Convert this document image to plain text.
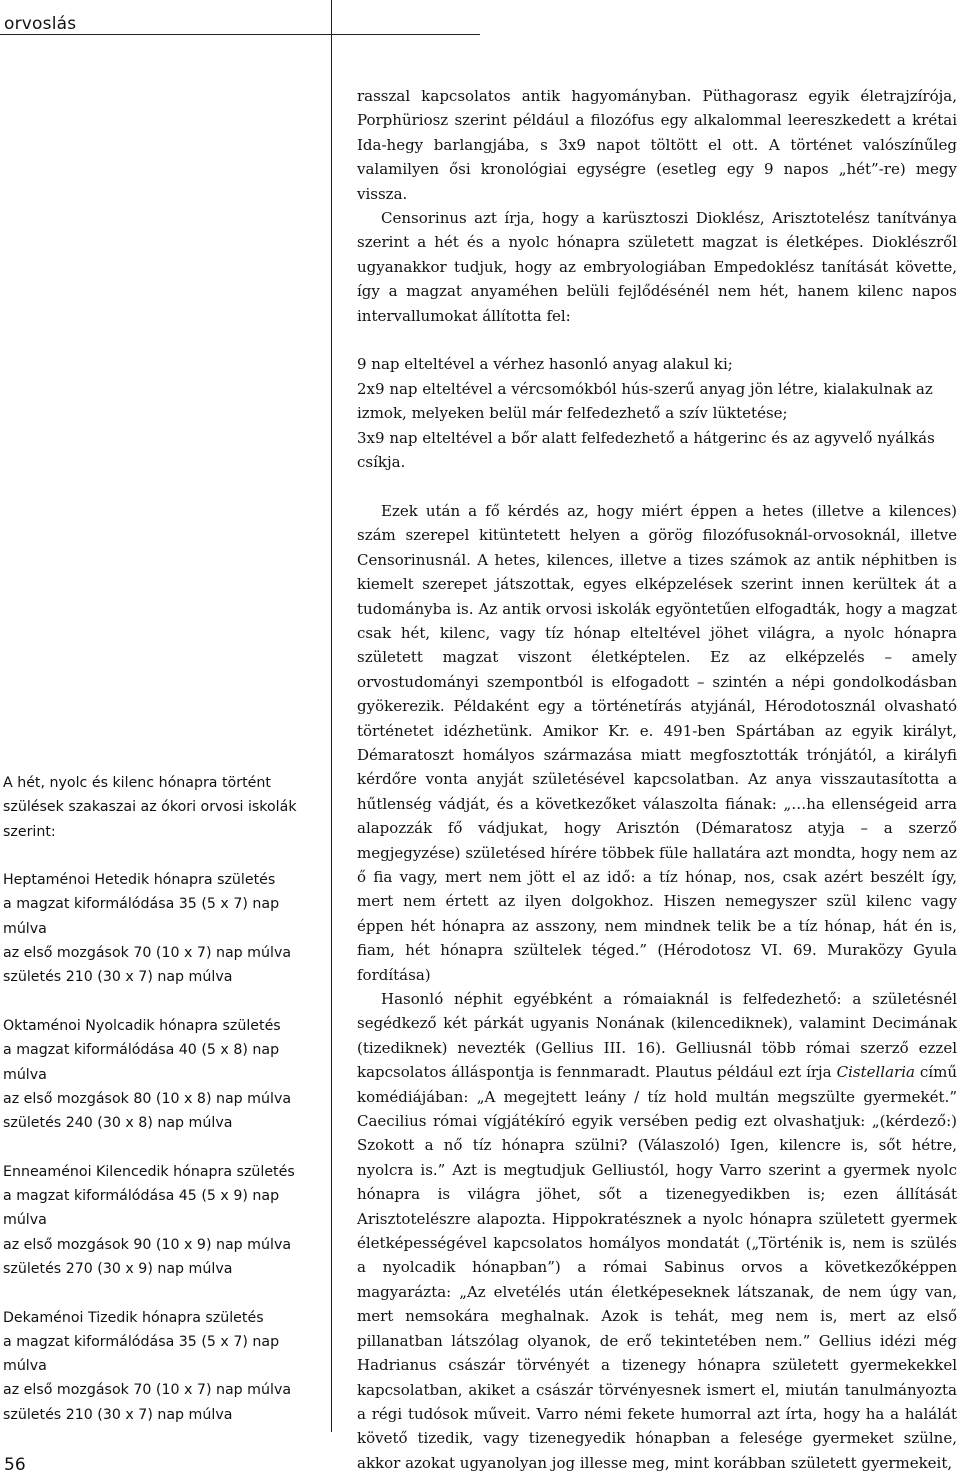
orvoslás

A hét, nyolc és kilenc hónapra történt szülések szakaszai az ókori orvosi iskolák szerint:

Heptaménoi Hetedik hónapra születés

a magzat kiformálódása 35 (5 x 7) nap múlva

az első mozgások 70 (10 x 7) nap múlva

születés 210 (30 x 7) nap múlva

Oktaménoi Nyolcadik hónapra születés

a magzat kiformálódása 40 (5 x 8) nap múlva

az első mozgások 80 (10 x 8) nap múlva

születés 240 (30 x 8) nap múlva

Enneaménoi Kilencedik hónapra születés

a magzat kiformálódása 45 (5 x 9) nap múlva

az első mozgások 90 (10 x 9) nap múlva

születés 270 (30 x 9) nap múlva

Dekaménoi Tizedik hónapra születés

a magzat kiformálódása 35 (5 x 7) nap múlva

az első mozgások 70 (10 x 7) nap múlva

születés 210 (30 x 7) nap múlva

rasszal kapcsolatos antik hagyományban. Püthagorasz egyik életrajzírója, Porphüriosz szerint például a filozófus egy alkalommal leereszkedett a krétai Ida-hegy barlangjába, s 3x9 napot töltött el ott. A történet valószínűleg valamilyen ősi kronológiai egységre (esetleg egy 9 napos „hét”-re) megy vissza.

Censorinus azt írja, hogy a karüsztoszi Dioklész, Arisztotelész tanítványa szerint a hét és a nyolc hónapra született magzat is életképes. Dioklészről ugyanakkor tudjuk, hogy az embryologiában Empedoklész tanítását követte, így a magzat anyaméhen belüli fejlődésénél nem hét, hanem kilenc napos intervallumokat állította fel:

9 nap elteltével a vérhez hasonló anyag alakul ki;

2x9 nap elteltével a vércsomókból hús-szerű anyag jön létre, kialakulnak az izmok, melyeken belül már felfedezhető a szív lüktetése;

3x9 nap elteltével a bőr alatt felfedezhető a hátgerinc és az agyvelő nyálkás csíkja.

Ezek után a fő kérdés az, hogy miért éppen a hetes (illetve a kilences) szám szerepel kitüntetett helyen a görög filozófusoknál-orvosoknál, illetve Censorinusnál. A hetes, kilences, illetve a tizes számok az antik néphitben is kiemelt szerepet játszottak, egyes elképzelések szerint innen kerültek át a tudományba is. Az antik orvosi iskolák egyöntetűen elfogadták, hogy a magzat csak hét, kilenc, vagy tíz hónap elteltével jöhet világra, a nyolc hónapra született magzat viszont életképtelen. Ez az elképzelés – amely orvostudományi szempontból is elfogadott – szintén a népi gondolkodásban gyökerezik. Példaként egy a történetírás atyjánál, Hérodotosznál olvasható történetet idézhetünk. Amikor Kr. e. 491-ben Spártában az egyik királyt, Démaratoszt homályos származása miatt megfosztották trónjától, a királyfi kérdőre vonta anyját születésével kapcsolatban. Az anya visszautasította a hűtlenség vádját, és a következőket válaszolta fiának: „…ha ellenségeid arra alapozzák fő vádjukat, hogy Arisztón (Démaratosz atyja – a szerző megjegyzése) születésed hírére többek füle hallatára azt mondta, hogy nem az ő fia vagy, mert nem jött el az idő: a tíz hónap, nos, csak azért beszélt így, mert nem értett az ilyen dolgokhoz. Hiszen nemegyszer szül kilenc vagy éppen hét hónapra az asszony, nem mindnek telik be a tíz hónap, hát én is, fiam, hét hónapra szültelek téged.” (Hérodotosz VI. 69. Muraközy Gyula fordítása)

Hasonló néphit egyébként a rómaiaknál is felfedezhető: a születésnél segédkező két párkát ugyanis Nonának (kilencediknek), valamint Decimának (tizediknek) nevezték (Gellius III. 16). Gelliusnál több római szerző ezzel kapcsolatos álláspontja is fennmaradt. Plautus például ezt írja Cistellaria című komédiájában: „A megejtett leány / tíz hold multán megszülte gyermekét.” Caecilius római vígjátékíró egyik versében pedig ezt olvashatjuk: „(kérdező:) Szokott a nő tíz hónapra szülni? (Válaszoló) Igen, kilencre is, sőt hétre, nyolcra is.” Azt is megtudjuk Gelliustól, hogy Varro szerint a gyermek nyolc hónapra is világra jöhet, sőt a tizenegyedikben is; ezen állítását Arisztotelészre alapozta. Hippokratésznek a nyolc hónapra született gyermek életképességével kapcsolatos homályos mondatát („Történik is, nem is szülés a nyolcadik hónapban”) a római Sabinus orvos a következőképpen magyarázta: „Az elvetélés után életképeseknek látszanak, de nem úgy van, mert nemsokára meghalnak. Azok is tehát, meg nem is, mert az első pillanatban látszólag olyanok, de erő tekintetében nem.” Gellius idézi még Hadrianus császár törvényét a tizenegy hónapra született gyermekekkel kapcsolatban, akiket a császár törvényesnek ismert el, miután tanulmányozta a régi tudósok műveit. Varro némi fekete humorral azt írta, hogy ha a halálát követő tizedik, vagy tizenegyedik hónapban a felesége gyermeket szülne, akkor azokat ugyanolyan jog illesse meg, mint korábban született gyermekeit,

56
